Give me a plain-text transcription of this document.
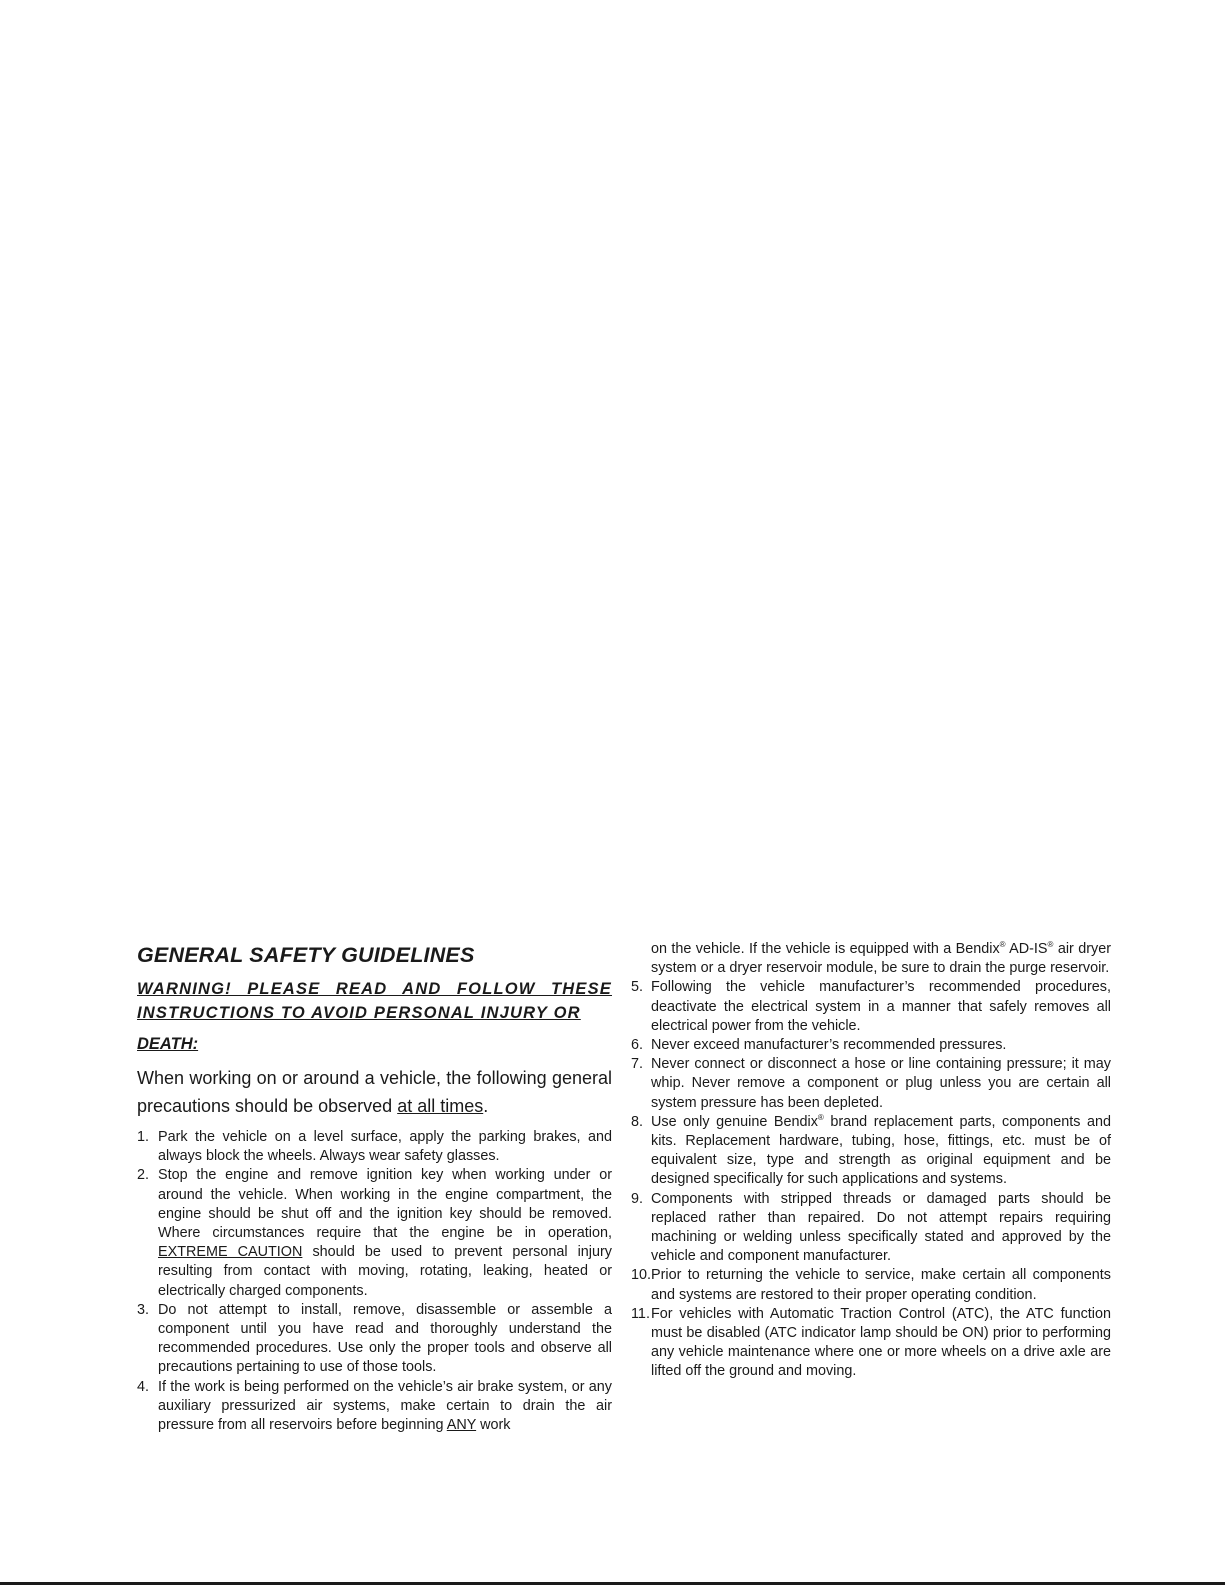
GENERAL SAFETY GUIDELINES

WARNING! PLEASE READ AND FOLLOW THESE INSTRUCTIONS TO AVOID PERSONAL INJURY OR

DEATH:

When working on or around a vehicle, the following general precautions should be observed at all times.

1. Park the vehicle on a level surface, apply the parking brakes, and always block the wheels. Always wear safety glasses.
2. Stop the engine and remove ignition key when working under or around the vehicle. When working in the engine compartment, the engine should be shut off and the ignition key should be removed. Where circumstances require that the engine be in operation, EXTREME CAUTION should be used to prevent personal injury resulting from contact with moving, rotating, leaking, heated or electrically charged components.
3. Do not attempt to install, remove, disassemble or assemble a component until you have read and thoroughly understand the recommended procedures. Use only the proper tools and observe all precautions pertaining to use of those tools.
4. If the work is being performed on the vehicle’s air brake system, or any auxiliary pressurized air systems, make certain to drain the air pressure from all reservoirs before beginning ANY work

on the vehicle. If the vehicle is equipped with a Bendix® AD-IS® air dryer system or a dryer reservoir module, be sure to drain the purge reservoir.

5. Following the vehicle manufacturer’s recommended procedures, deactivate the electrical system in a manner that safely removes all electrical power from the vehicle.
6. Never exceed manufacturer’s recommended pressures.
7. Never connect or disconnect a hose or line containing pressure; it may whip. Never remove a component or plug unless you are certain all system pressure has been depleted.
8. Use only genuine Bendix® brand replacement parts, components and kits. Replacement hardware, tubing, hose, fittings, etc. must be of equivalent size, type and strength as original equipment and be designed specifically for such applications and systems.
9. Components with stripped threads or damaged parts should be replaced rather than repaired. Do not attempt repairs requiring machining or welding unless specifically stated and approved by the vehicle and component manufacturer.
10. Prior to returning the vehicle to service, make certain all components and systems are restored to their proper operating condition.
11. For vehicles with Automatic Traction Control (ATC), the ATC function must be disabled (ATC indicator lamp should be ON) prior to performing any vehicle maintenance where one or more wheels on a drive axle are lifted off the ground and moving.
